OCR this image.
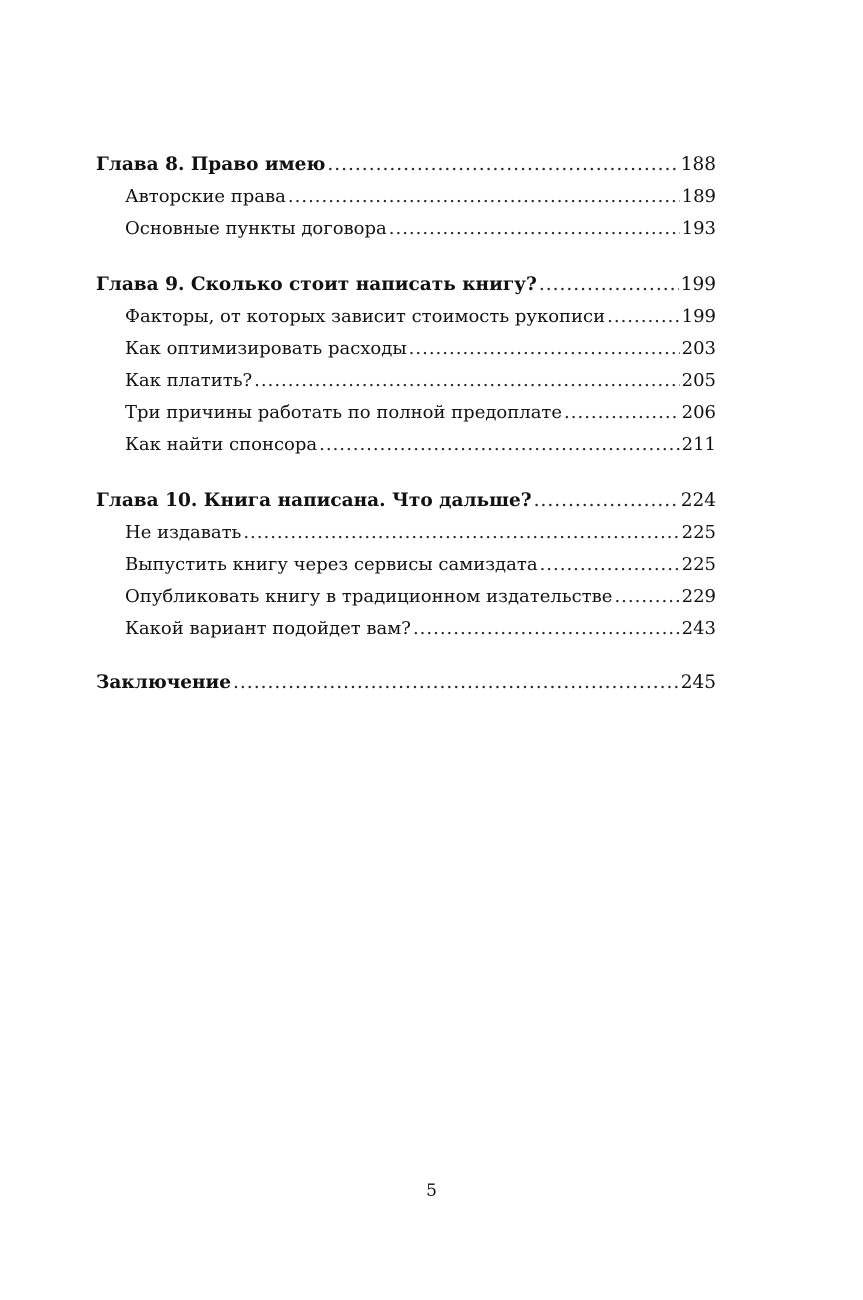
Глава 8. Право имею .....	188
Авторские права .....	189
Основные пункты договора .....	193
Глава 9. Сколько стоит написать книгу? .....	199
Факторы, от которых зависит стоимость рукописи .....	199
Как оптимизировать расходы .....	203
Как платить? .....	205
Три причины работать по полной предоплате .....	206
Как найти спонсора .....	211
Глава 10. Книга написана. Что дальше? .....	224
Не издавать .....	225
Выпустить книгу через сервисы самиздата .....	225
Опубликовать книгу в традиционном издательстве .....	229
Какой вариант подойдет вам? .....	243
Заключение .....	245
5
